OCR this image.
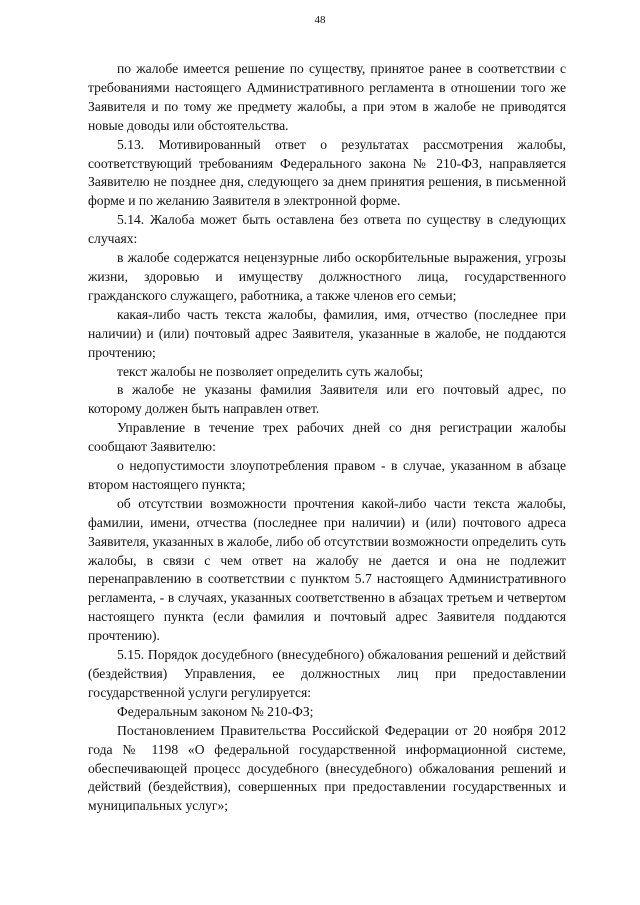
48

по жалобе имеется решение по существу, принятое ранее в соответствии с требованиями настоящего Административного регламента в отношении того же Заявителя и по тому же предмету жалобы, а при этом в жалобе не приводятся новые доводы или обстоятельства.

5.13. Мотивированный ответ о результатах рассмотрения жалобы, соответствующий требованиям Федерального закона № 210-ФЗ, направляется Заявителю не позднее дня, следующего за днем принятия решения, в письменной форме и по желанию Заявителя в электронной форме.

5.14. Жалоба может быть оставлена без ответа по существу в следующих случаях:

в жалобе содержатся нецензурные либо оскорбительные выражения, угрозы жизни, здоровью и имуществу должностного лица, государственного гражданского служащего, работника, а также членов его семьи;

какая-либо часть текста жалобы, фамилия, имя, отчество (последнее при наличии) и (или) почтовый адрес Заявителя, указанные в жалобе, не поддаются прочтению;

текст жалобы не позволяет определить суть жалобы;

в жалобе не указаны фамилия Заявителя или его почтовый адрес, по которому должен быть направлен ответ.

Управление в течение трех рабочих дней со дня регистрации жалобы сообщают Заявителю:

о недопустимости злоупотребления правом - в случае, указанном в абзаце втором настоящего пункта;

об отсутствии возможности прочтения какой-либо части текста жалобы, фамилии, имени, отчества (последнее при наличии) и (или) почтового адреса Заявителя, указанных в жалобе, либо об отсутствии возможности определить суть жалобы, в связи с чем ответ на жалобу не дается и она не подлежит перенаправлению в соответствии с пунктом 5.7 настоящего Административного регламента, - в случаях, указанных соответственно в абзацах третьем и четвертом настоящего пункта (если фамилия и почтовый адрес Заявителя поддаются прочтению).

5.15. Порядок досудебного (внесудебного) обжалования решений и действий (бездействия) Управления, ее должностных лиц при предоставлении государственной услуги регулируется:

Федеральным законом № 210-ФЗ;

Постановлением Правительства Российской Федерации от 20 ноября 2012 года № 1198 «О федеральной государственной информационной системе, обеспечивающей процесс досудебного (внесудебного) обжалования решений и действий (бездействия), совершенных при предоставлении государственных и муниципальных услуг»;
